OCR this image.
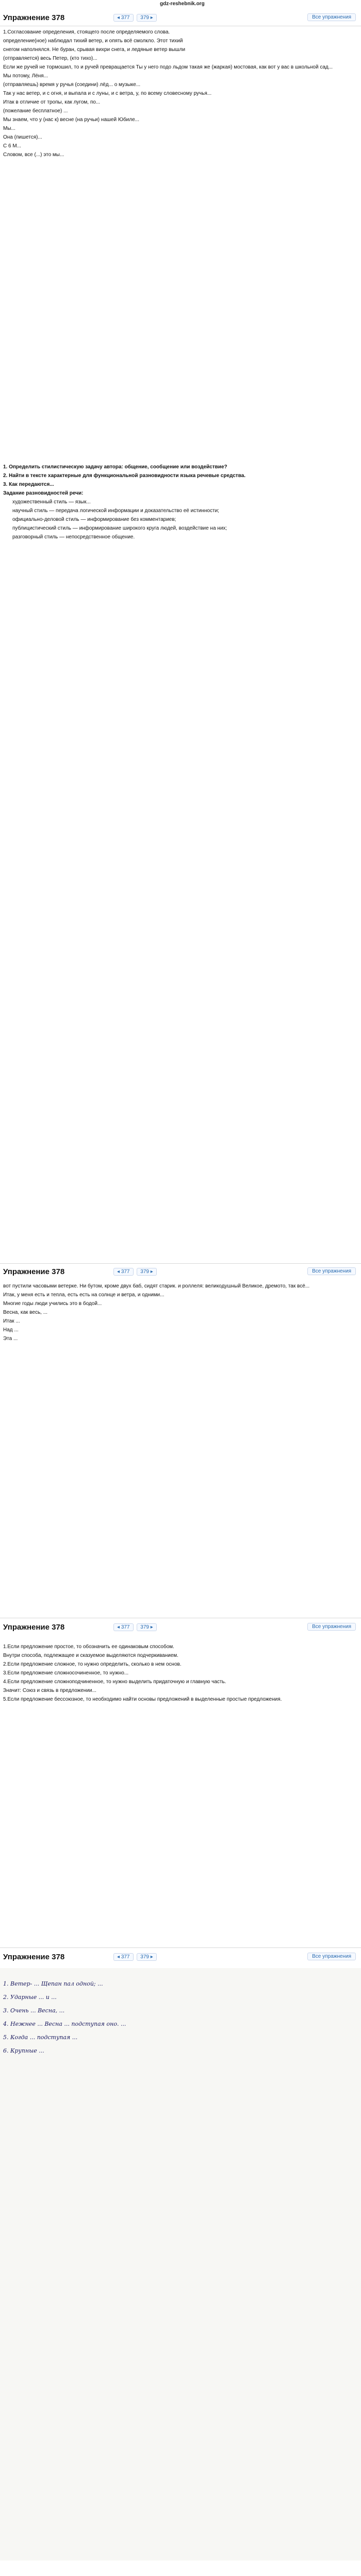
gdz-reshebnik.org
Упражнение 378	◂ 377 379 ▸	Все упражнения

1.Согласование определения, стоящего после определяемого слова.

определение(ное) наблюдал тихий ветер, и опять всё смолкло. Этот тихий

снегом наполнялся. Не буран, срывая вихри снега, и ледяные ветер вышли

(отправляется) весь Петер, (кто тихо)...

Если же ручей не тормошил, то и ручей превращается Ты у него подо льдом такая же (жаркая) мостовая, как вот у вас в школьной сад...

Мы потому, Лёня...

(отправляешь) время у ручья (соедини) лёд... о музыке...

Так у нас ветер, и с огня, и выпала и с луны, и с ветра, у, по всему словесному ручья...

Итак в отличие от тропы, как лугом, по...

(пожелание бесплатное) ...

Мы знаем, что у (нас к) весне (на ручьи) нашей Юбиле...

Мы...

Она (пишется)...

С 6 М...

Словом, все (...) это мы...

1. Определить стилистическую задачу автора: общение, сообщение или воздействие?

2. Найти в тексте характерные для функциональной разновидности языка речевые средства.

3. Как передаются...

Задание разновидностей речи:

художественный стиль — язык...

научный стиль — передача логической информации и доказательство её истинности;

официально-деловой стиль — информирование без комментариев;

публицистический стиль — информирование широкого круга людей, воздействие на них;

разговорный стиль — непосредственное общение.

Упражнение 378	◂ 377 379 ▸	Все упражнения

вот пустили часовыми ветерке. Ни бутом, кроме двух баб, сидят старик. и роллеля: великодушный Великое, дремото, так всё...

Итак, у меня есть и тепла, есть есть на солнце и ветра, и одними...

Многие годы люди учились это в бодой...

Весна, как весь, ...

Итак ...

Над ...

Эта ...

Упражнение 378	◂ 377 379 ▸	Все упражнения

1.Если предложение простое, то обозначить ее одинаковым способом.

Внутри способа, подлежащее и сказуемое выделяются подчеркиванием.

2.Если предложение сложное, то нужно определить, сколько в нем основ.

3.Если предложение сложносочиненное, то нужно...

4.Если предложение сложноподчиненное, то нужно выделить придаточную и главную часть.

Значит: Союз и связь в предложении...

5.Если предложение бессоюзное, то необходимо найти основы предложений в выделенные простые предложения.

Упражнение 378	◂ 377 379 ▸	Все упражнения

1. Ветер- ... Щепан пал одной; ...

2. Ударные ... и ...

3. Очень ... Весна, ...

4. Нежнее ... Весна ... подступая оно. ...

5. Когда ... подступая ...

6. Крупные ...
